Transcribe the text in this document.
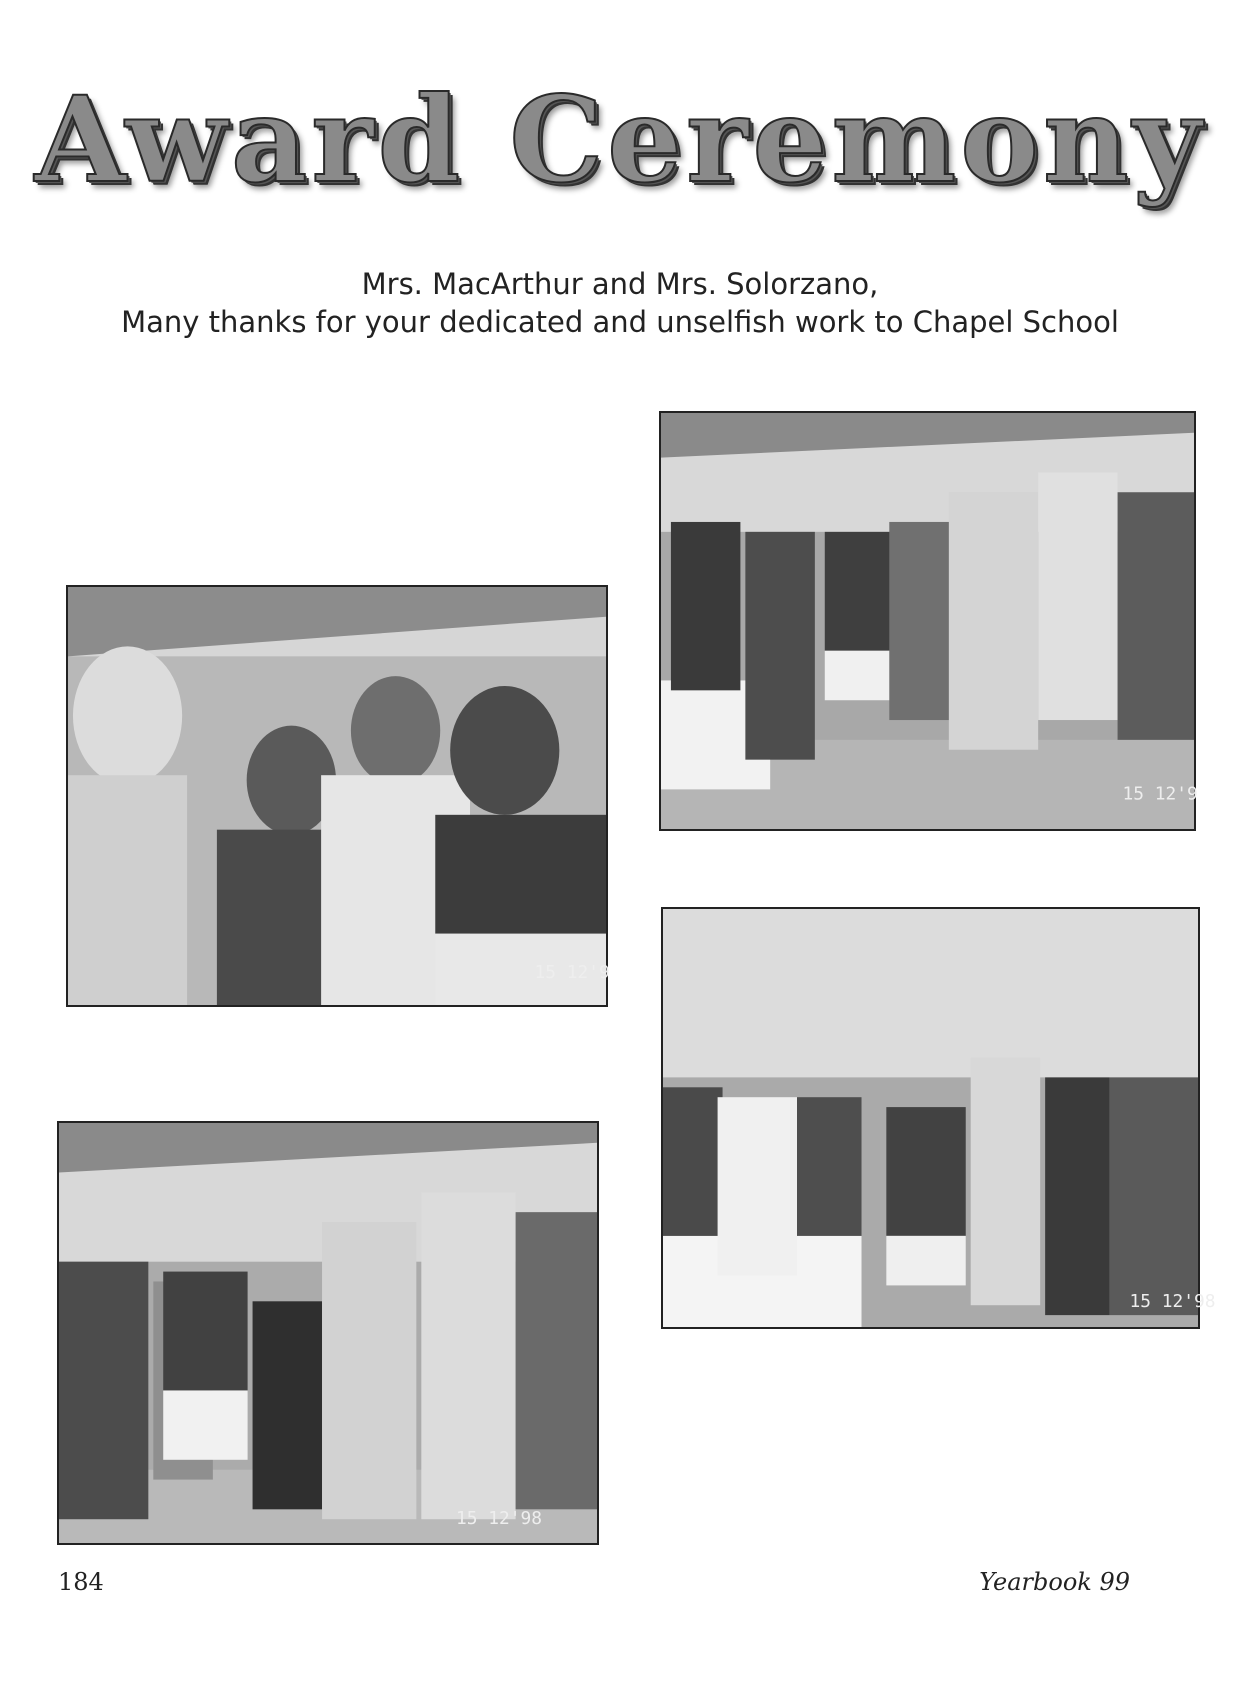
Award Ceremony
Mrs. MacArthur and Mrs. Solorzano,
Many thanks for your dedicated and unselfish work to Chapel School
15 12'9
15 12'9
15 12'98
15 12'98
184	Yearbook 99
